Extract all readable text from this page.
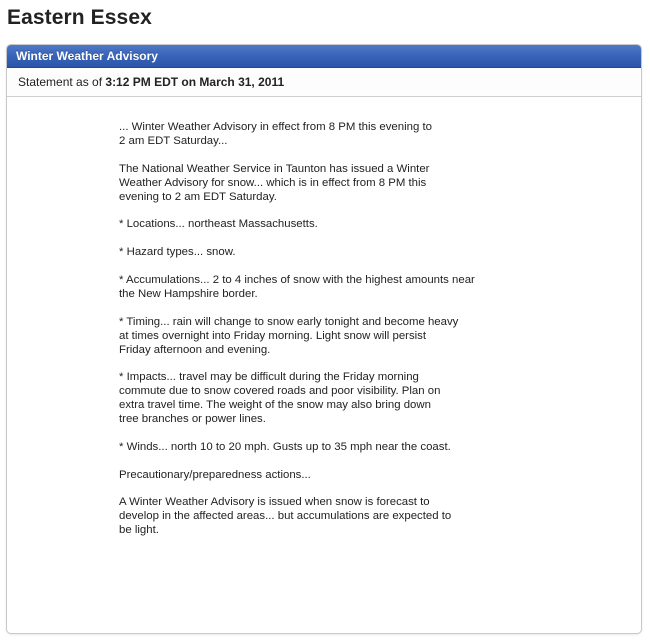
Eastern Essex
Winter Weather Advisory
Statement as of 3:12 PM EDT on March 31, 2011

... Winter Weather Advisory in effect from 8 PM this evening to
2 am EDT Saturday...

The National Weather Service in Taunton has issued a Winter
Weather Advisory for snow... which is in effect from 8 PM this
evening to 2 am EDT Saturday.

* Locations... northeast Massachusetts.

* Hazard types... snow.

* Accumulations... 2 to 4 inches of snow with the highest amounts near
the New Hampshire border.

* Timing... rain will change to snow early tonight and become heavy
at times overnight into Friday morning. Light snow will persist
Friday afternoon and evening.

* Impacts... travel may be difficult during the Friday morning
commute due to snow covered roads and poor visibility. Plan on
extra travel time. The weight of the snow may also bring down
tree branches or power lines.

* Winds... north 10 to 20 mph. Gusts up to 35 mph near the coast.

Precautionary/preparedness actions...

A Winter Weather Advisory is issued when snow is forecast to
develop in the affected areas... but accumulations are expected to
be light.
